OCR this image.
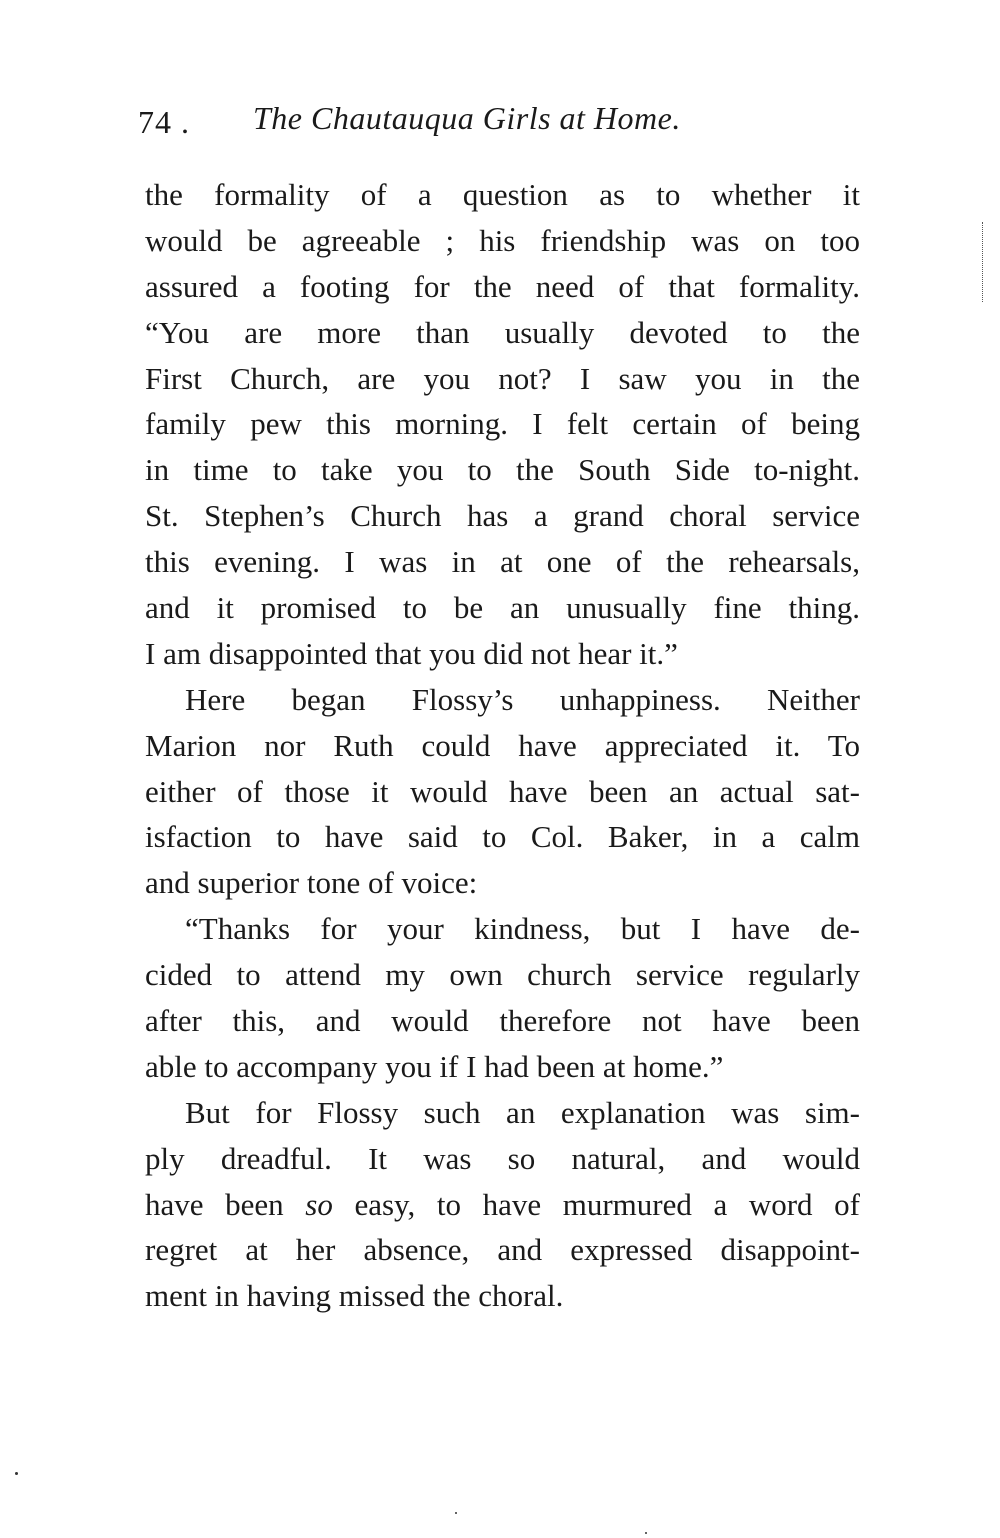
74 . The Chautauqua Girls at Home.
the formality of a question as to whether it
would be agreeable ; his friendship was on too
assured a footing for the need of that formality.
“You are more than usually devoted to the
First Church, are you not? I saw you in the
family pew this morning. I felt certain of being
in time to take you to the South Side to-night.
St. Stephen’s Church has a grand choral service
this evening. I was in at one of the rehearsals,
and it promised to be an unusually fine thing.
I am disappointed that you did not hear it.”
Here began Flossy’s unhappiness. Neither
Marion nor Ruth could have appreciated it. To
either of those it would have been an actual sat-
isfaction to have said to Col. Baker, in a calm
and superior tone of voice:
“Thanks for your kindness, but I have de-
cided to attend my own church service regularly
after this, and would therefore not have been
able to accompany you if I had been at home.”
But for Flossy such an explanation was sim-
ply dreadful. It was so natural, and would
have been so easy, to have murmured a word of
regret at her absence, and expressed disappoint-
ment in having missed the choral.
